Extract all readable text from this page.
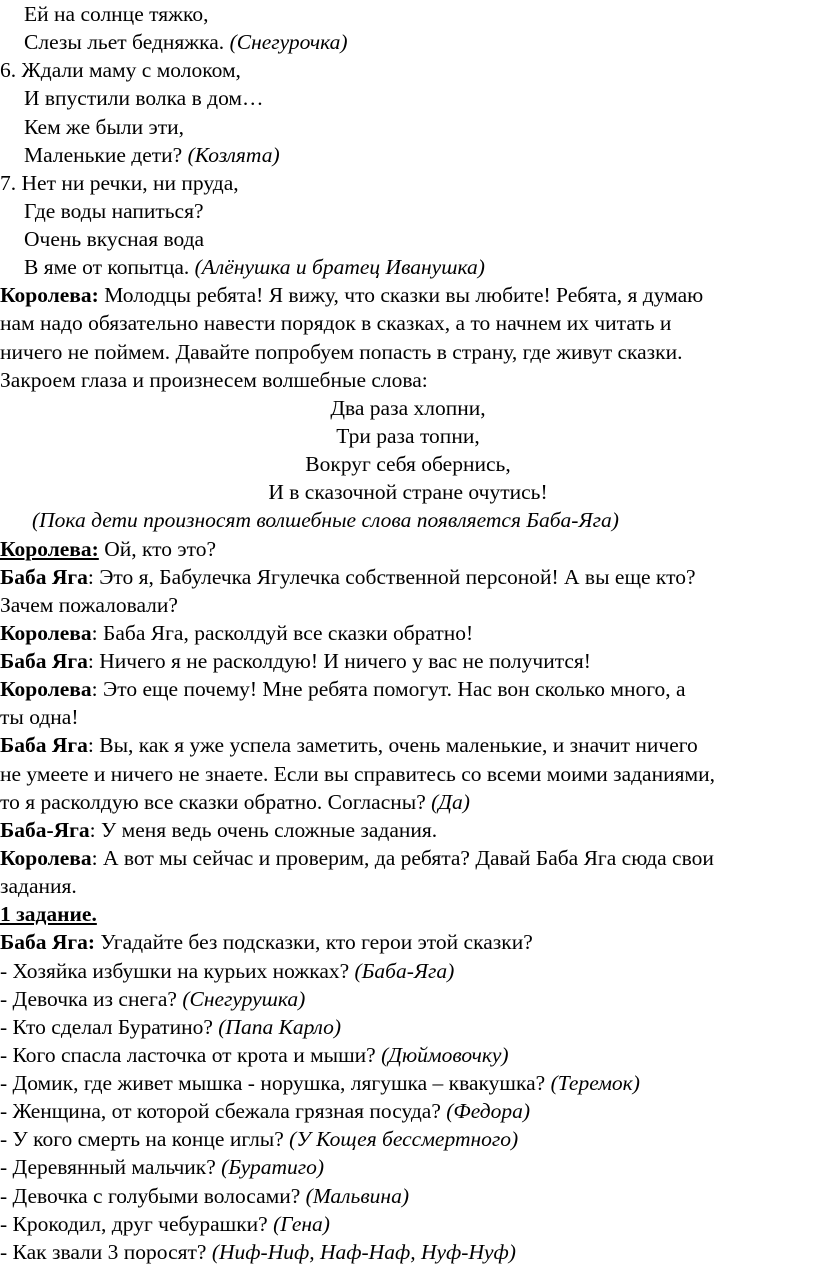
Ей на солнце тяжко,
Слезы льет бедняжка. (Снегурочка)
6. Ждали маму с молоком,
И впустили волка в дом…
Кем же были эти,
Маленькие дети? (Козлята)
7. Нет ни речки, ни пруда,
Где воды напиться?
Очень вкусная вода
В яме от копытца. (Алёнушка и братец Иванушка)
Королева: Молодцы ребята! Я вижу, что сказки вы любите! Ребята, я думаю
нам надо обязательно навести порядок в сказках, а то начнем их читать и
ничего не поймем. Давайте попробуем попасть в страну, где живут сказки.
Закроем глаза и произнесем волшебные слова:
Два раза хлопни,
Три раза топни,
Вокруг себя обернись,
И в сказочной стране очутись!
(Пока дети произносят волшебные слова появляется Баба-Яга)
Королева: Ой, кто это?
Баба Яга: Это я, Бабулечка Ягулечка собственной персоной! А вы еще кто?
Зачем пожаловали?
Королева: Баба Яга, расколдуй все сказки обратно!
Баба Яга: Ничего я не расколдую! И ничего у вас не получится!
Королева: Это еще почему! Мне ребята помогут. Нас вон сколько много, а
ты одна!
Баба Яга: Вы, как я уже успела заметить, очень маленькие, и значит ничего
не умеете и ничего не знаете. Если вы справитесь со всеми моими заданиями,
то я расколдую все сказки обратно. Согласны? (Да)
Баба-Яга: У меня ведь очень сложные задания.
Королева: А вот мы сейчас и проверим, да ребята? Давай Баба Яга сюда свои
задания.
1 задание.
Баба Яга: Угадайте без подсказки, кто герои этой сказки?
- Хозяйка избушки на курьих ножках? (Баба-Яга)
- Девочка из снега? (Снегурушка)
- Кто сделал Буратино? (Папа Карло)
- Кого спасла ласточка от крота и мыши? (Дюймовочку)
- Домик, где живет мышка - норушка, лягушка – квакушка? (Теремок)
- Женщина, от которой сбежала грязная посуда? (Федора)
- У кого смерть на конце иглы? (У Кощея бессмертного)
- Деревянный мальчик? (Буратиго)
- Девочка с голубыми волосами? (Мальвина)
- Крокодил, друг чебурашки? (Гена)
- Как звали 3 поросят? (Ниф-Ниф, Наф-Наф, Нуф-Нуф)
